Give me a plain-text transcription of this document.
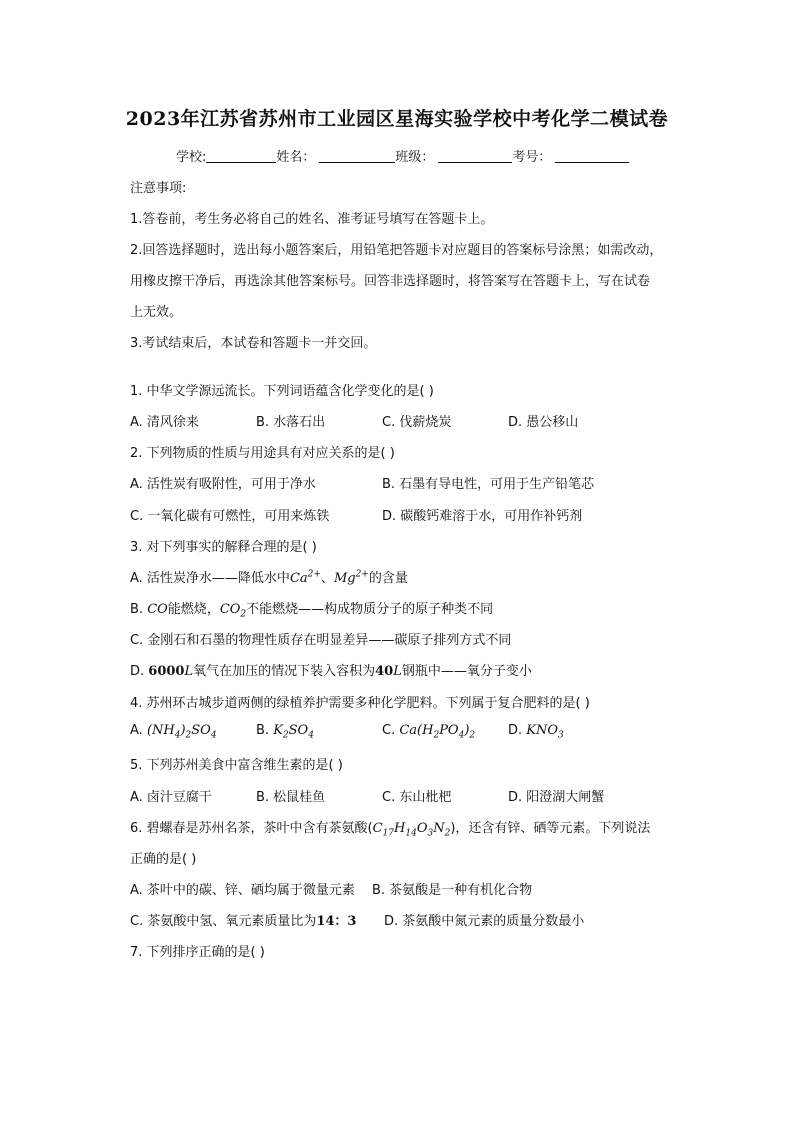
2023年江苏省苏州市工业园区星海实验学校中考化学二模试卷
学校:	姓名：	班级：	考号：
注意事项:
1.答卷前，考生务必将自己的姓名、准考证号填写在答题卡上。
2.回答选择题时，选出每小题答案后，用铅笔把答题卡对应题目的答案标号涂黑；如需改动，
用橡皮擦干净后，再选涂其他答案标号。回答非选择题时，将答案写在答题卡上，写在试卷
上无效。
3.考试结束后，本试卷和答题卡一并交回。
1. 中华文学源远流长。下列词语蕴含化学变化的是( )
A. 清风徐来	B. 水落石出	C. 伐薪烧炭	D. 愚公移山
2. 下列物质的性质与用途具有对应关系的是( )
A. 活性炭有吸附性，可用于净水	B. 石墨有导电性，可用于生产铅笔芯
C. 一氧化碳有可燃性，可用来炼铁	D. 碳酸钙难溶于水，可用作补钙剂
3. 对下列事实的解释合理的是( )
A. 活性炭净水——降低水中$Ca^{2+}$、$Mg^{2+}$的含量
B. CO能燃烧，$CO_2$不能燃烧——构成物质分子的原子种类不同
C. 金刚石和石墨的物理性质存在明显差异——碳原子排列方式不同
D. 6000L氧气在加压的情况下装入容积为40L钢瓶中——氧分子变小
4. 苏州环古城步道两侧的绿植养护需要多种化学肥料。下列属于复合肥料的是( )
A. $(NH_4)_2SO_4$	B. $K_2SO_4$	C. $Ca(H_2PO_4)_2$	D. $KNO_3$
5. 下列苏州美食中富含维生素的是( )
A. 卤汁豆腐干	B. 松鼠桂鱼	C. 东山枇杷	D. 阳澄湖大闸蟹
6. 碧螺春是苏州名茶，茶叶中含有茶氨酸$(C_{17}H_{14}O_3N_2)$，还含有锌、硒等元素。下列说法
正确的是( )
A. 茶叶中的碳、锌、硒均属于微量元素 B. 茶氨酸是一种有机化合物
C. 茶氨酸中氢、氧元素质量比为14：3 D. 茶氨酸中氮元素的质量分数最小
7. 下列排序正确的是( )
